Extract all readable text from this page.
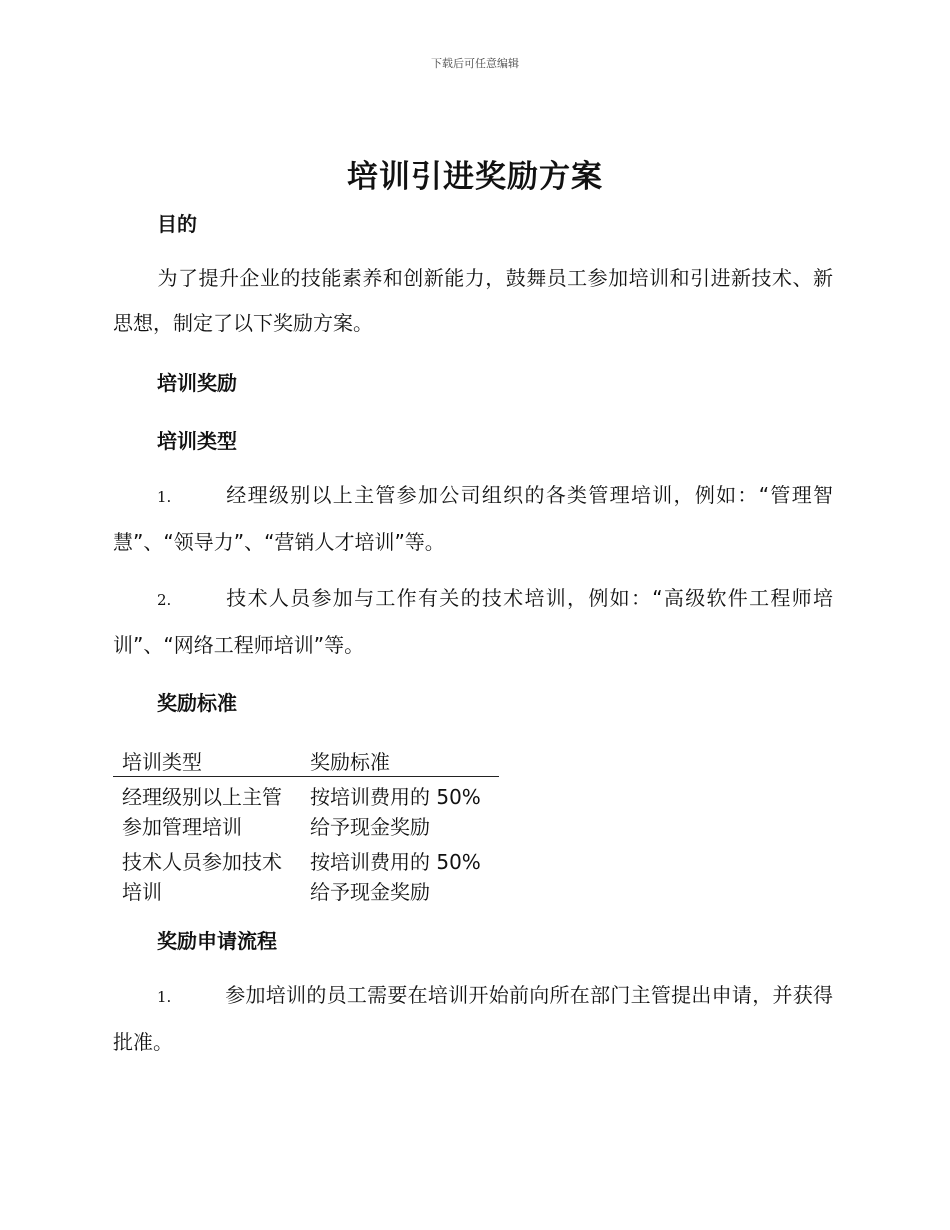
下载后可任意编辑
培训引进奖励方案
目的
为了提升企业的技能素养和创新能力，鼓舞员工参加培训和引进新技术、新思想，制定了以下奖励方案。
培训奖励
培训类型
1.	经理级别以上主管参加公司组织的各类管理培训，例如：“管理智慧”、“领导力”、“营销人才培训”等。
2.	技术人员参加与工作有关的技术培训，例如：“高级软件工程师培训”、“网络工程师培训”等。
奖励标准
培训类型	奖励标准
经理级别以上主管参加管理培训	按培训费用的 50%给予现金奖励
技术人员参加技术培训	按培训费用的 50%给予现金奖励
奖励申请流程
1.	参加培训的员工需要在培训开始前向所在部门主管提出申请，并获得批准。
